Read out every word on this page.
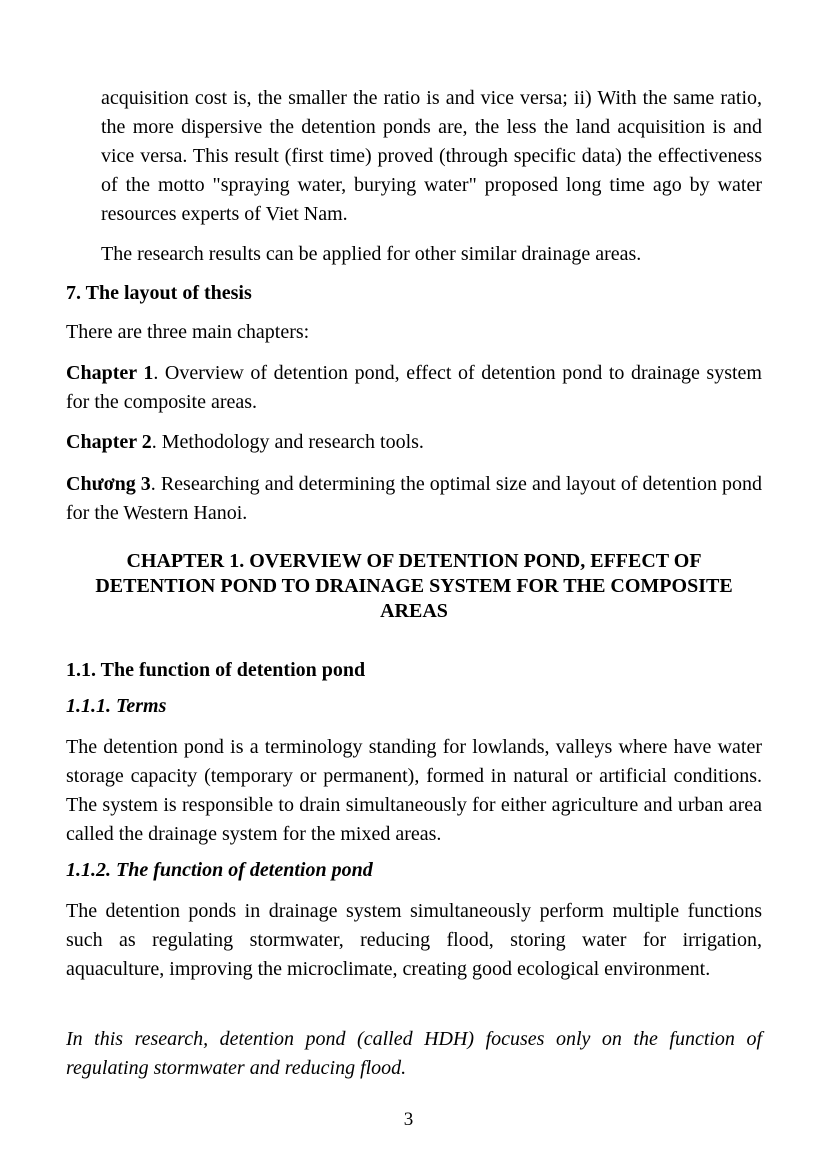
acquisition cost is, the smaller the ratio is and vice versa; ii) With the same ratio, the more dispersive the detention ponds are, the less the land acquisition is and vice versa. This result (first time) proved (through specific data) the effectiveness of the motto "spraying water, burying water" proposed long time ago by water resources experts of Viet Nam.

The research results can be applied for other similar drainage areas.

7. The layout of thesis

There are three main chapters:

Chapter 1. Overview of detention pond, effect of detention pond to drainage system for the composite areas.

Chapter 2. Methodology and research tools.

Chương 3. Researching and determining the optimal size and layout of detention pond for the Western Hanoi.

CHAPTER 1. OVERVIEW OF DETENTION POND, EFFECT OF
DETENTION POND TO DRAINAGE SYSTEM FOR THE COMPOSITE
AREAS

1.1. The function of detention pond

1.1.1. Terms

The detention pond is a terminology standing for lowlands, valleys where have water storage capacity (temporary or permanent), formed in natural or artificial conditions. The system is responsible to drain simultaneously for either agriculture and urban area called the drainage system for the mixed areas.

1.1.2. The function of detention pond

The detention ponds in drainage system simultaneously perform multiple functions such as regulating stormwater, reducing flood, storing water for irrigation, aquaculture, improving the microclimate, creating good ecological environment.

In this research, detention pond (called HDH) focuses only on the function of regulating stormwater and reducing flood.

3
